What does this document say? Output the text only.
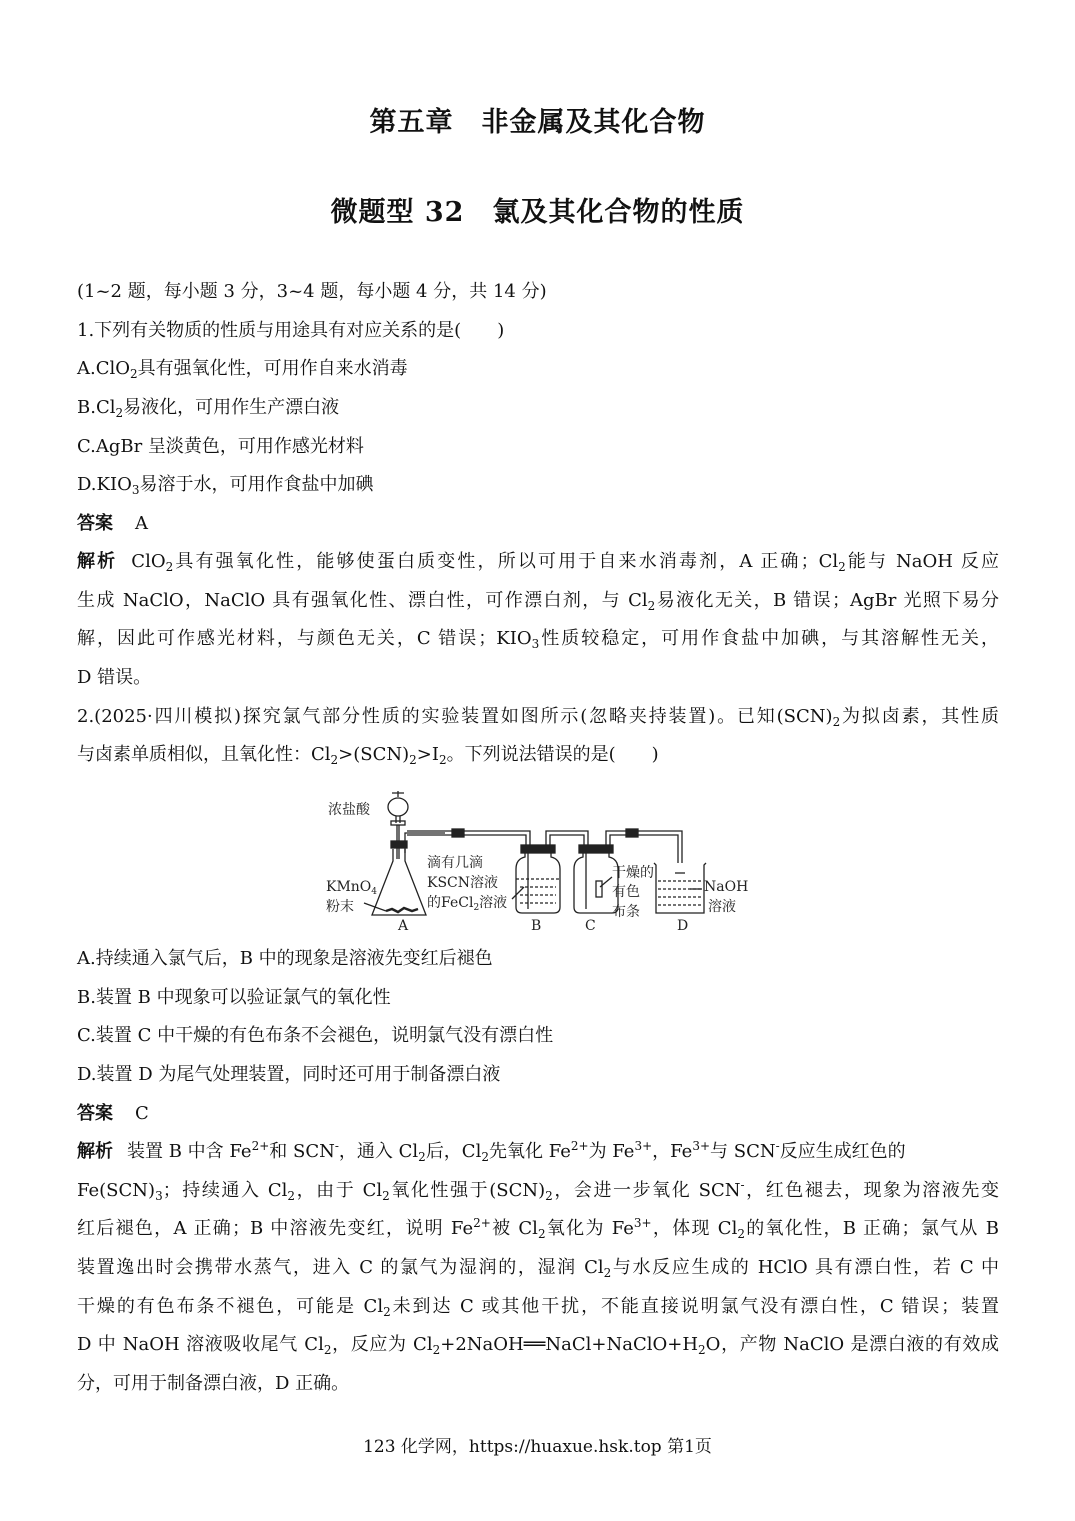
第五章　非金属及其化合物
微题型 32　氯及其化合物的性质
(1~2 题，每小题 3 分，3~4 题，每小题 4 分，共 14 分)
1.下列有关物质的性质与用途具有对应关系的是(　　)
A.ClO$_2$具有强氧化性，可用作自来水消毒
$B.Cl_2$易液化，可用作生产漂白液
C.AgBr 呈淡黄色，可用作感光材料
$D.KIO_3$易溶于水，可用作食盐中加碘
答案 A
解析 ClO$_2$具有强氧化性，能够使蛋白质变性，所以可用于自来水消毒剂，A 正确；$Cl_2$能与 NaOH 反应
生成 NaClO，NaClO 具有强氧化性、漂白性，可作漂白剂，与 $Cl_2$易液化无关，B 错误；AgBr 光照下易分
解，因此可作感光材料，与颜色无关，C 错误；$KIO_3$性质较稳定，可用作食盐中加碘，与其溶解性无关，
D 错误。
2.(2025·四川模拟)探究氯气部分性质的实验装置如图所示(忽略夹持装置)。已知$(SCN)_2$为拟卤素，其性质
与卤素单质相似，且氧化性：$Cl_2>(SCN)_2>I_2$。下列说法错误的是(　　)
浓盐酸
KMnO$_4$
粉末
滴有几滴
KSCN溶液
的FeCl$_2$溶液
干燥的
有色
布条
NaOH
溶液
A	B	C	D
A.持续通入氯气后，B 中的现象是溶液先变红后褪色
B.装置 B 中现象可以验证氯气的氧化性
C.装置 C 中干燥的有色布条不会褪色，说明氯气没有漂白性
D.装置 D 为尾气处理装置，同时还可用于制备漂白液
答案 C
解析 装置 B 中含 $Fe^{2+}$和 SCN-，通入 $Cl_2$后，$Cl_2$先氧化 $Fe^{2+}$为 $Fe^{3+}$，$Fe^{3+}$与 SCN-反应生成红色的
$Fe(SCN)_3$；持续通入 $Cl_2$，由于 $Cl_2$氧化性强于$(SCN)_2$，会进一步氧化 SCN-，红色褪去，现象为溶液先变
红后褪色，A 正确；B 中溶液先变红，说明 $Fe^{2+}$被 $Cl_2$氧化为 $Fe^{3+}$，体现 $Cl_2$的氧化性，B 正确；氯气从 B
装置逸出时会携带水蒸气，进入 C 的氯气为湿润的，湿润 $Cl_2$与水反应生成的 HClO 具有漂白性，若 C 中
干燥的有色布条不褪色，可能是 $Cl_2$未到达 C 或其他干扰，不能直接说明氯气没有漂白性，C 错误；装置
D 中 NaOH 溶液吸收尾气 $Cl_2$，反应为 $Cl_2+2NaOH══NaCl+NaClO+H_2O$，产物 NaClO 是漂白液的有效成
分，可用于制备漂白液，D 正确。
123 化学网，https://huaxue.hsk.top 第1页
